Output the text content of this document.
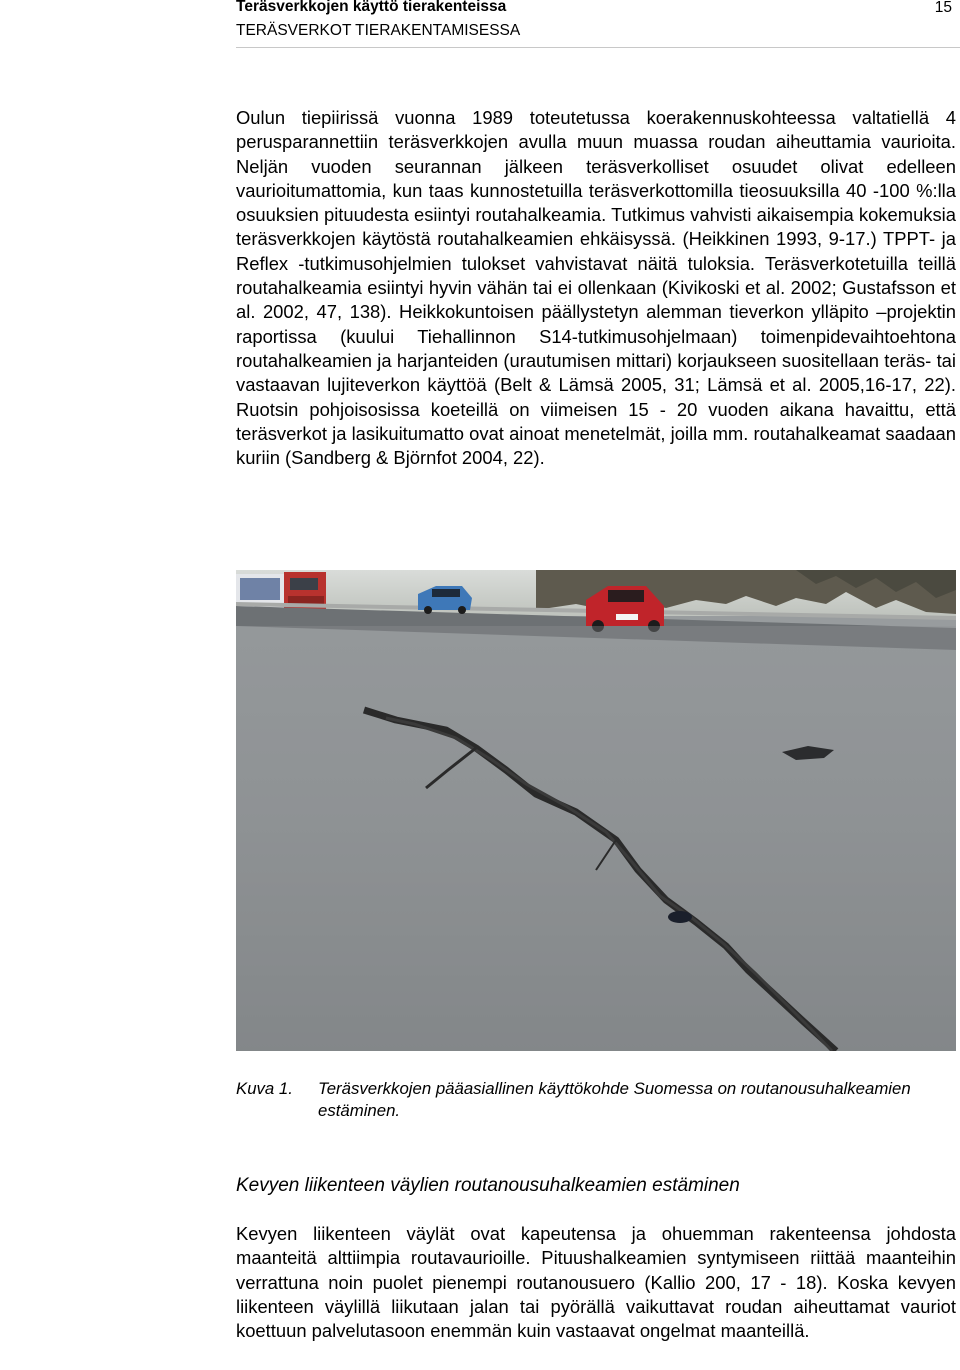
Teräsverkkojen käyttö tierakenteissa
TERÄSVERKOT TIERAKENTAMISESSA
15
Oulun tiepiirissä vuonna 1989 toteutetussa koerakennuskohteessa valtatiellä 4 perusparannettiin teräsverkkojen avulla muun muassa roudan aiheuttamia vaurioita. Neljän vuoden seurannan jälkeen teräsverkolliset osuudet olivat edelleen vaurioitumattomia, kun taas kunnostetuilla teräsverkottomilla tieosuuksilla 40 -100 %:lla osuuksien pituudesta esiintyi routahalkeamia. Tutkimus vahvisti aikaisempia kokemuksia teräsverkkojen käytöstä routahalkeamien ehkäisyssä. (Heikkinen 1993, 9-17.) TPPT- ja Reflex -tutkimusohjelmien tulokset vahvistavat näitä tuloksia. Teräsverkotetuilla teillä routahalkeamia esiintyi hyvin vähän tai ei ollenkaan (Kivikoski et al. 2002; Gustafsson et al. 2002, 47, 138). Heikkokuntoisen päällystetyn alemman tieverkon ylläpito –projektin raportissa (kuului Tiehallinnon S14-tutkimusohjelmaan) toimenpidevaihtoehtona routahalkeamien ja harjanteiden (urautumisen mittari) korjaukseen suositellaan teräs- tai vastaavan lujiteverkon käyttöä (Belt & Lämsä 2005, 31; Lämsä et al. 2005,16-17, 22). Ruotsin pohjoisosissa koeteillä on viimeisen 15 - 20 vuoden aikana havaittu, että teräsverkot ja lasikuitumatto ovat ainoat menetelmät, joilla mm. routahalkeamat saadaan kuriin (Sandberg & Björnfot 2004, 22).
Kuva 1. Teräsverkkojen pääasiallinen käyttökohde Suomessa on routanousuhalkeamien estäminen.
Kevyen liikenteen väylien routanousuhalkeamien estäminen
Kevyen liikenteen väylät ovat kapeutensa ja ohuemman rakenteensa johdosta maanteitä alttiimpia routavaurioille. Pituushalkeamien syntymiseen riittää maanteihin verrattuna noin puolet pienempi routanousuero (Kallio 200, 17 - 18). Koska kevyen liikenteen väylillä liikutaan jalan tai pyörällä vaikuttavat roudan aiheuttamat vauriot koettuun palvelutasoon enemmän kuin vastaavat ongelmat maanteillä.
